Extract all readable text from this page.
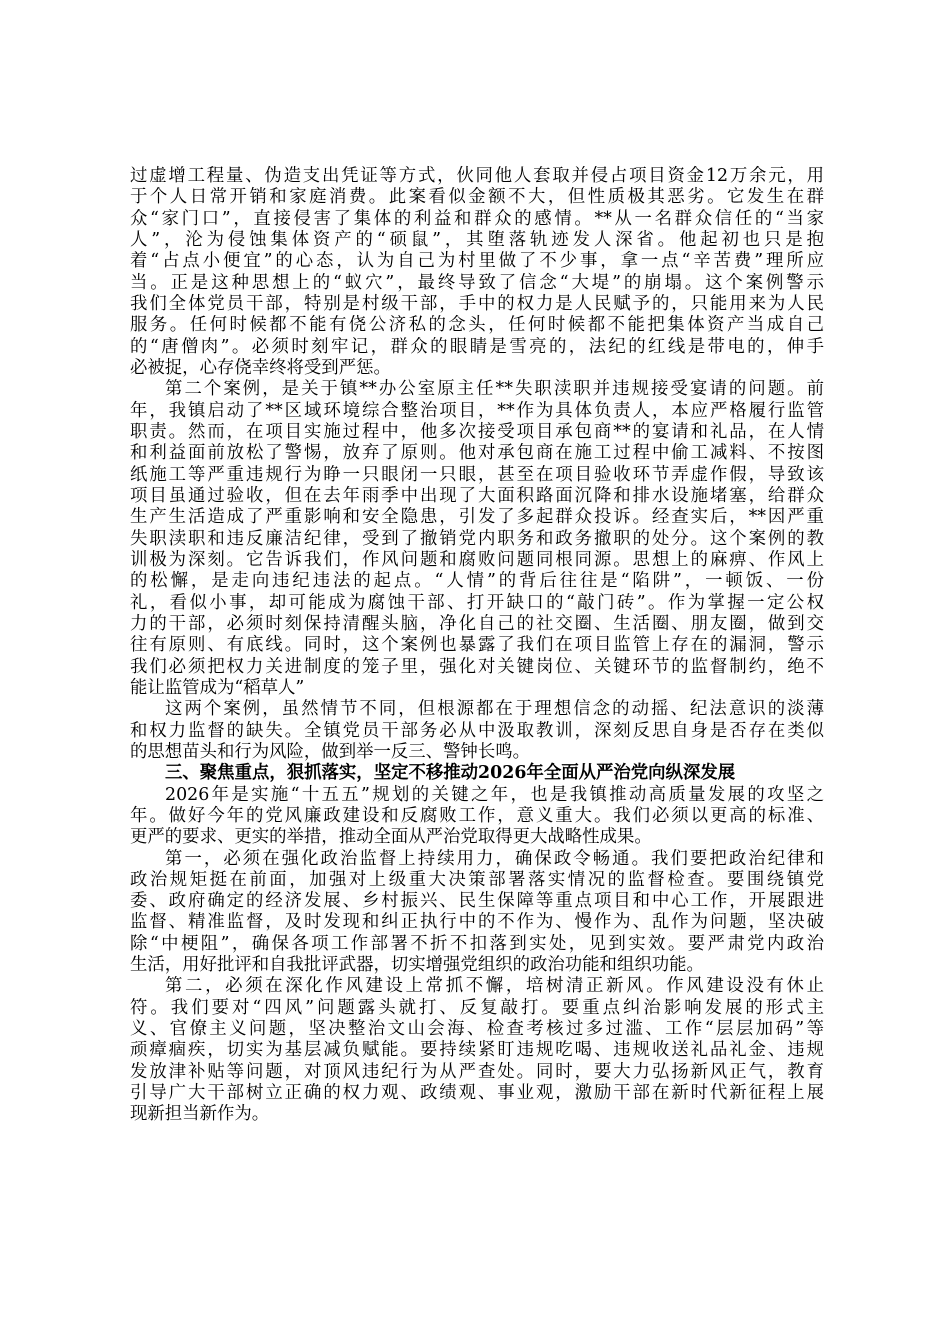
过虚增工程量、伪造支出凭证等方式，伙同他人套取并侵占项目资金12万余元，用
于个人日常开销和家庭消费。此案看似金额不大，但性质极其恶劣。它发生在群
众“家门口”，直接侵害了集体的利益和群众的感情。**从一名群众信任的“当家
人”，沦为侵蚀集体资产的“硕鼠”，其堕落轨迹发人深省。他起初也只是抱
着“占点小便宜”的心态，认为自己为村里做了不少事，拿一点“辛苦费”理所应
当。正是这种思想上的“蚁穴”，最终导致了信念“大堤”的崩塌。这个案例警示
我们全体党员干部，特别是村级干部，手中的权力是人民赋予的，只能用来为人民
服务。任何时候都不能有侥公济私的念头，任何时候都不能把集体资产当成自己
的“唐僧肉”。必须时刻牢记，群众的眼睛是雪亮的，法纪的红线是带电的，伸手
必被捉，心存侥幸终将受到严惩。
第二个案例，是关于镇**办公室原主任**失职渎职并违规接受宴请的问题。前
年，我镇启动了**区域环境综合整治项目，**作为具体负责人，本应严格履行监管
职责。然而，在项目实施过程中，他多次接受项目承包商**的宴请和礼品，在人情
和利益面前放松了警惕，放弃了原则。他对承包商在施工过程中偷工减料、不按图
纸施工等严重违规行为睁一只眼闭一只眼，甚至在项目验收环节弄虚作假，导致该
项目虽通过验收，但在去年雨季中出现了大面积路面沉降和排水设施堵塞，给群众
生产生活造成了严重影响和安全隐患，引发了多起群众投诉。经查实后，**因严重
失职渎职和违反廉洁纪律，受到了撤销党内职务和政务撤职的处分。这个案例的教
训极为深刻。它告诉我们，作风问题和腐败问题同根同源。思想上的麻痹、作风上
的松懈，是走向违纪违法的起点。“人情”的背后往往是“陷阱”，一顿饭、一份
礼，看似小事，却可能成为腐蚀干部、打开缺口的“敲门砖”。作为掌握一定公权
力的干部，必须时刻保持清醒头脑，净化自己的社交圈、生活圈、朋友圈，做到交
往有原则、有底线。同时，这个案例也暴露了我们在项目监管上存在的漏洞，警示
我们必须把权力关进制度的笼子里，强化对关键岗位、关键环节的监督制约，绝不
能让监管成为“稻草人”
这两个案例，虽然情节不同，但根源都在于理想信念的动摇、纪法意识的淡薄
和权力监督的缺失。全镇党员干部务必从中汲取教训，深刻反思自身是否存在类似
的思想苗头和行为风险，做到举一反三、警钟长鸣。
三、聚焦重点，狠抓落实，坚定不移推动2026年全面从严治党向纵深发展
2026年是实施“十五五”规划的关键之年，也是我镇推动高质量发展的攻坚之
年。做好今年的党风廉政建设和反腐败工作，意义重大。我们必须以更高的标准、
更严的要求、更实的举措，推动全面从严治党取得更大战略性成果。
第一，必须在强化政治监督上持续用力，确保政令畅通。我们要把政治纪律和
政治规矩挺在前面，加强对上级重大决策部署落实情况的监督检查。要围绕镇党
委、政府确定的经济发展、乡村振兴、民生保障等重点项目和中心工作，开展跟进
监督、精准监督，及时发现和纠正执行中的不作为、慢作为、乱作为问题，坚决破
除“中梗阻”，确保各项工作部署不折不扣落到实处，见到实效。要严肃党内政治
生活，用好批评和自我批评武器，切实增强党组织的政治功能和组织功能。
第二，必须在深化作风建设上常抓不懈，培树清正新风。作风建设没有休止
符。我们要对“四风”问题露头就打、反复敲打。要重点纠治影响发展的形式主
义、官僚主义问题，坚决整治文山会海、检查考核过多过滥、工作“层层加码”等
顽瘴痼疾，切实为基层减负赋能。要持续紧盯违规吃喝、违规收送礼品礼金、违规
发放津补贴等问题，对顶风违纪行为从严查处。同时，要大力弘扬新风正气，教育
引导广大干部树立正确的权力观、政绩观、事业观，激励干部在新时代新征程上展
现新担当新作为。
